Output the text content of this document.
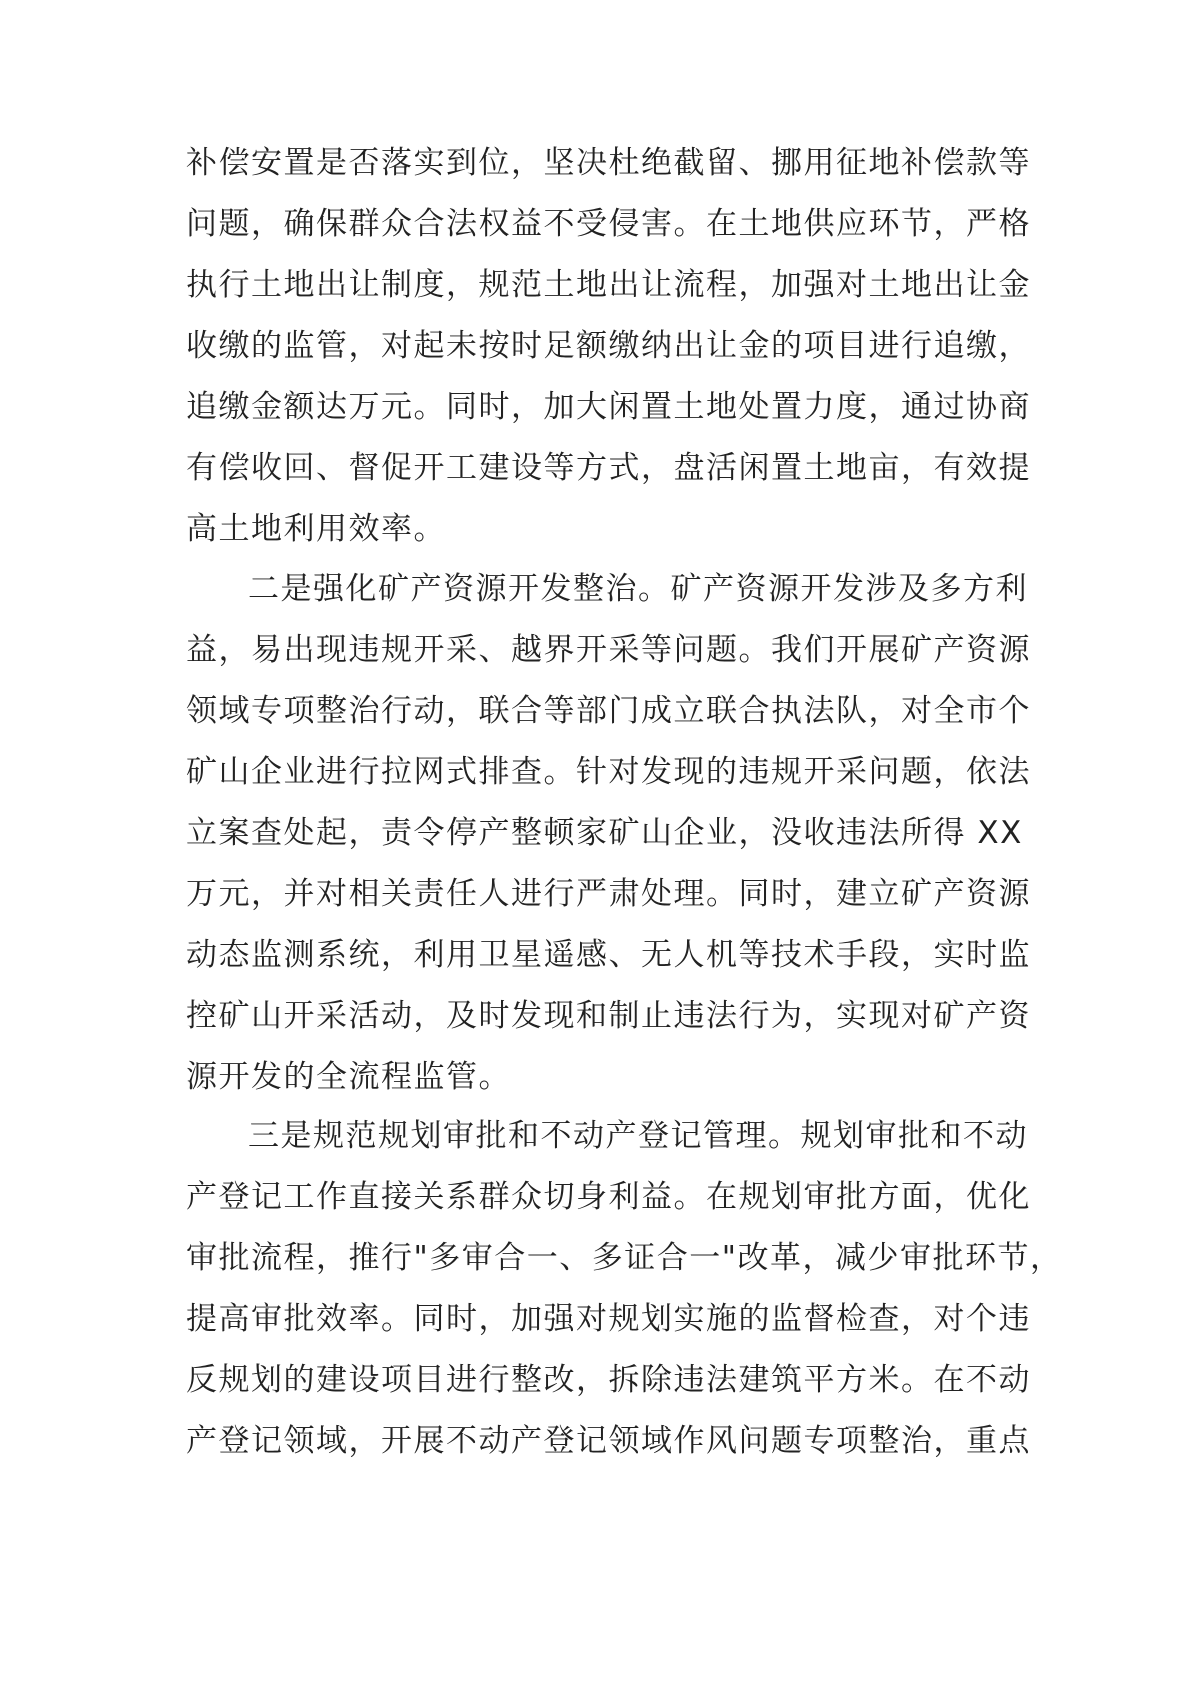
补偿安置是否落实到位，坚决杜绝截留、挪用征地补偿款等
问题，确保群众合法权益不受侵害。在土地供应环节，严格
执行土地出让制度，规范土地出让流程，加强对土地出让金
收缴的监管，对起未按时足额缴纳出让金的项目进行追缴，
追缴金额达万元。同时，加大闲置土地处置力度，通过协商
有偿收回、督促开工建设等方式，盘活闲置土地亩，有效提
高土地利用效率。
二是强化矿产资源开发整治。矿产资源开发涉及多方利
益，易出现违规开采、越界开采等问题。我们开展矿产资源
领域专项整治行动，联合等部门成立联合执法队，对全市个
矿山企业进行拉网式排查。针对发现的违规开采问题，依法
立案查处起，责令停产整顿家矿山企业，没收违法所得 XX
万元，并对相关责任人进行严肃处理。同时，建立矿产资源
动态监测系统，利用卫星遥感、无人机等技术手段，实时监
控矿山开采活动，及时发现和制止违法行为，实现对矿产资
源开发的全流程监管。
三是规范规划审批和不动产登记管理。规划审批和不动
产登记工作直接关系群众切身利益。在规划审批方面，优化
审批流程，推行"多审合一、多证合一"改革，减少审批环节，
提高审批效率。同时，加强对规划实施的监督检查，对个违
反规划的建设项目进行整改，拆除违法建筑平方米。在不动
产登记领域，开展不动产登记领域作风问题专项整治，重点
